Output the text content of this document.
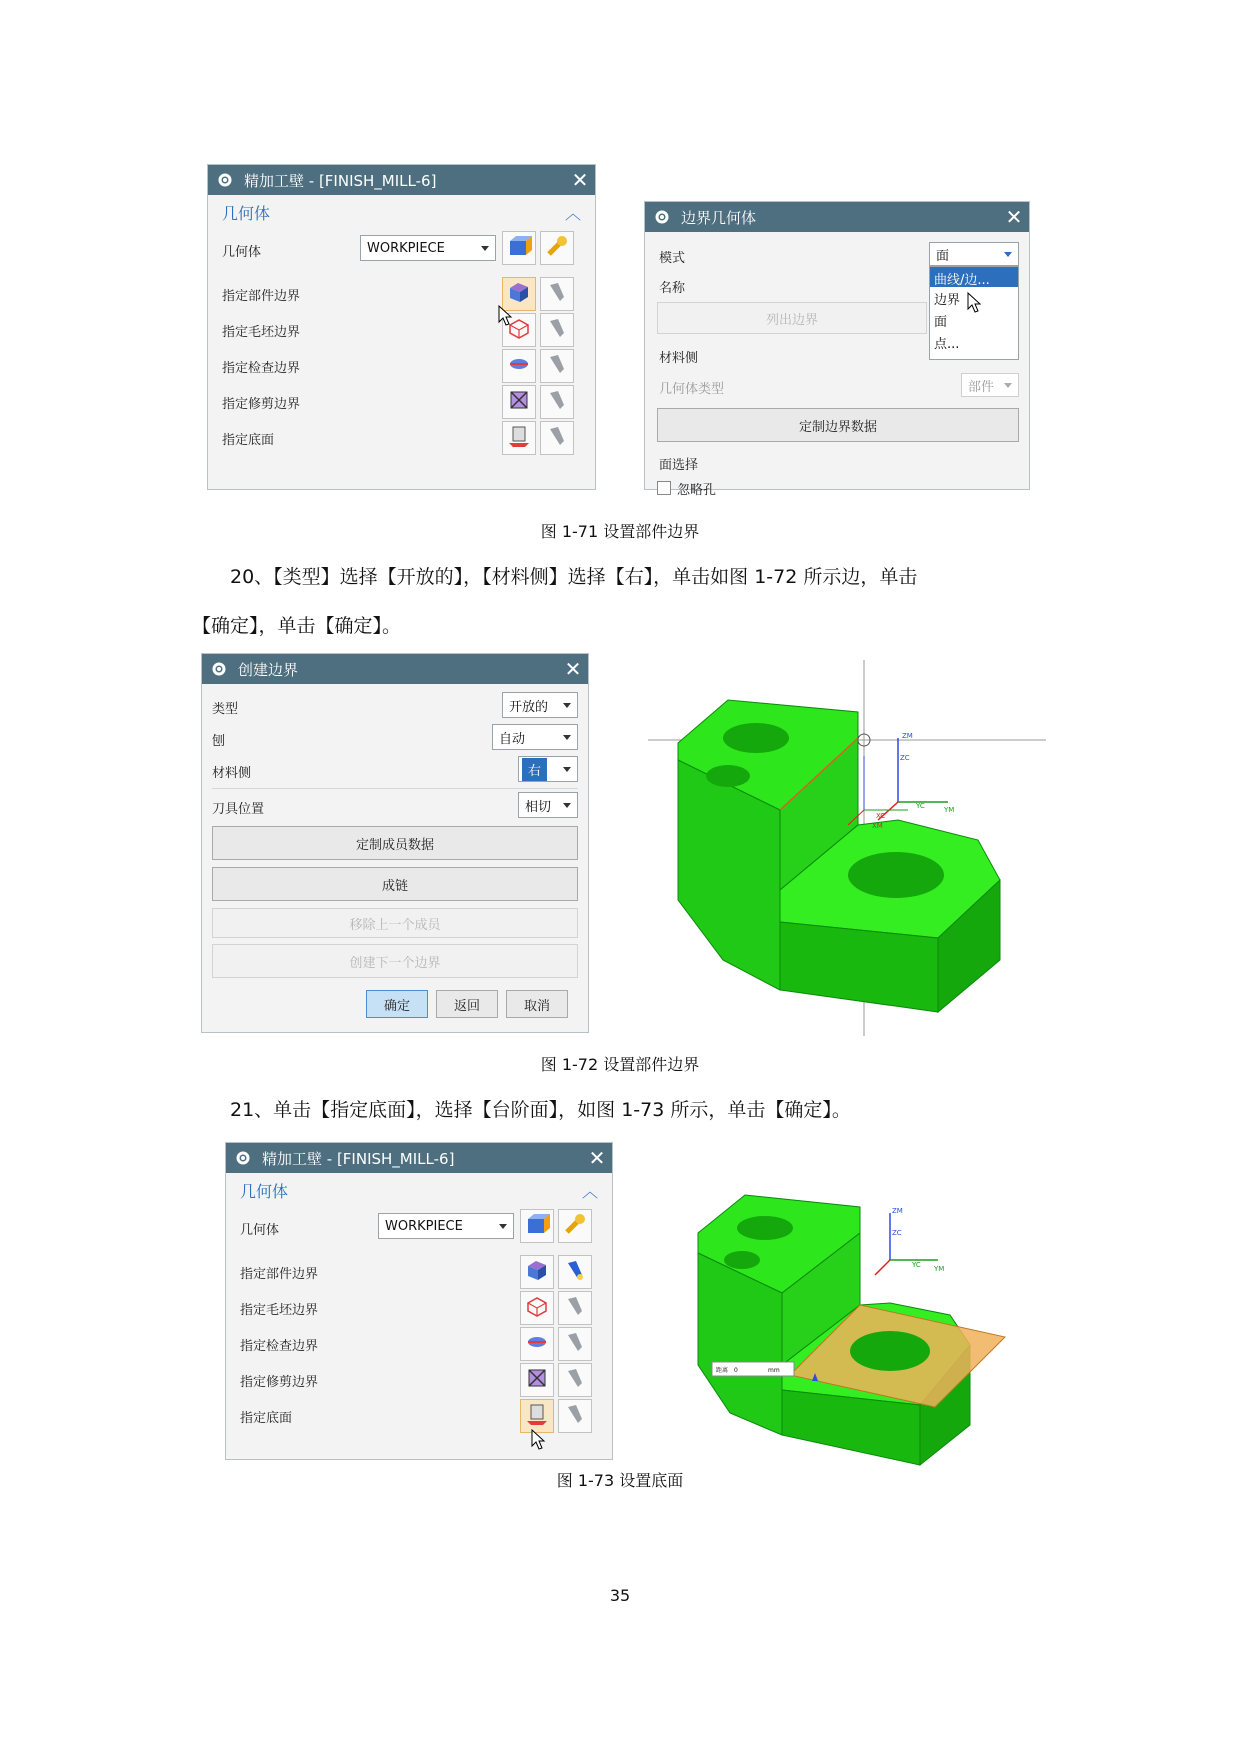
精加工壁 - [FINISH_MILL-6]	✕
几何体	︿
几何体	WORKPIECE
指定部件边界
指定毛坯边界
指定检查边界
指定修剪边界
指定底面
边界几何体	✕
模式	面
名称
列出边界
材料侧
几何体类型	部件
定制边界数据
面选择
忽略孔
曲线/边...
边界
面
点...
图 1-71 设置部件边界
20、【类型】选择【开放的】，【材料侧】选择【右】，单击如图 1-72 所示边，单击
【确定】，单击【确定】。
创建边界	✕
类型	开放的
刨	自动
材料侧	右
刀具位置	相切
定制成员数据
成链
移除上一个成员
创建下一个边界
确定	返回	取消
ZM
ZC
YC	YM
XC
XM
图 1-72 设置部件边界
21、单击【指定底面】，选择【台阶面】，如图 1-73 所示，单击【确定】。
精加工壁 - [FINISH_MILL-6]	✕
几何体	︿
几何体	WORKPIECE
指定部件边界
指定毛坯边界
指定检查边界
指定修剪边界
指定底面
ZM
ZC
YC YM
距离 0	mm
图 1-73 设置底面
35
